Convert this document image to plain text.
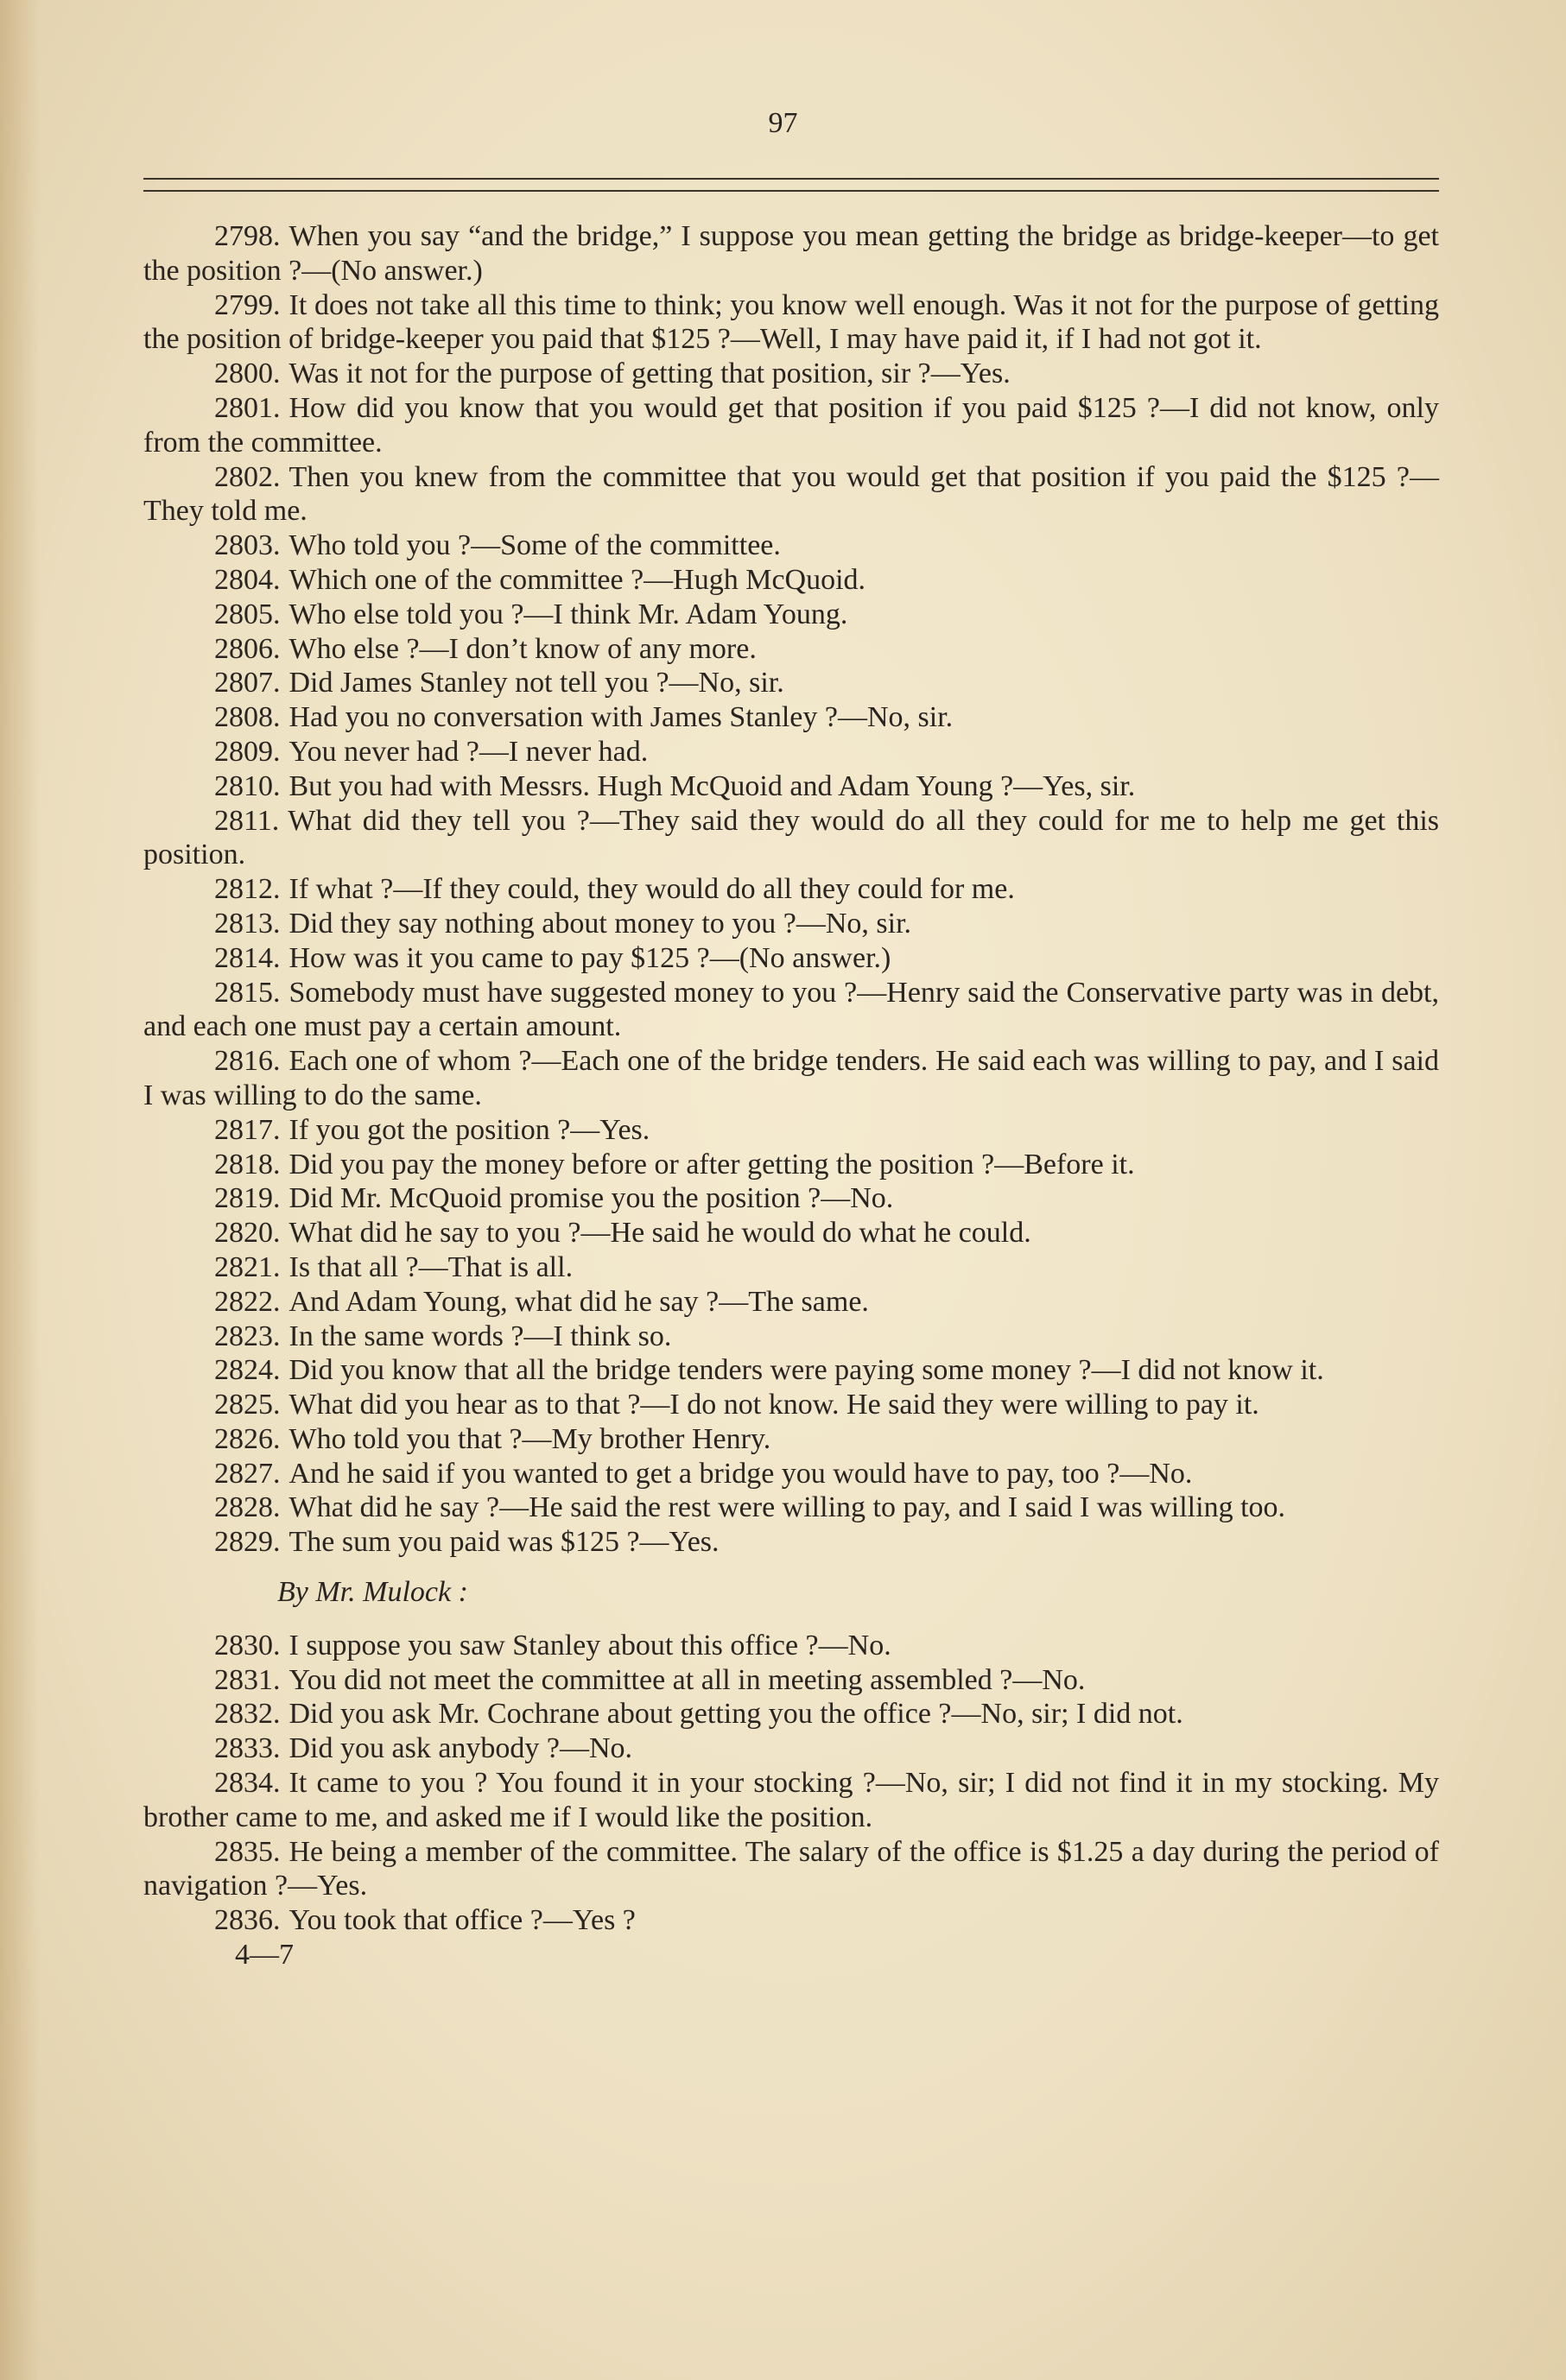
97

2798. When you say “and the bridge,” I suppose you mean getting the bridge as bridge-keeper—to get the position ?—(No answer.)

2799. It does not take all this time to think; you know well enough. Was it not for the purpose of getting the position of bridge-keeper you paid that $125 ?—Well, I may have paid it, if I had not got it.

2800. Was it not for the purpose of getting that position, sir ?—Yes.

2801. How did you know that you would get that position if you paid $125 ?—I did not know, only from the committee.

2802. Then you knew from the committee that you would get that position if you paid the $125 ?—They told me.

2803. Who told you ?—Some of the committee.

2804. Which one of the committee ?—Hugh McQuoid.

2805. Who else told you ?—I think Mr. Adam Young.

2806. Who else ?—I don’t know of any more.

2807. Did James Stanley not tell you ?—No, sir.

2808. Had you no conversation with James Stanley ?—No, sir.

2809. You never had ?—I never had.

2810. But you had with Messrs. Hugh McQuoid and Adam Young ?—Yes, sir.

2811. What did they tell you ?—They said they would do all they could for me to help me get this position.

2812. If what ?—If they could, they would do all they could for me.

2813. Did they say nothing about money to you ?—No, sir.

2814. How was it you came to pay $125 ?—(No answer.)

2815. Somebody must have suggested money to you ?—Henry said the Conservative party was in debt, and each one must pay a certain amount.

2816. Each one of whom ?—Each one of the bridge tenders. He said each was willing to pay, and I said I was willing to do the same.

2817. If you got the position ?—Yes.

2818. Did you pay the money before or after getting the position ?—Before it.

2819. Did Mr. McQuoid promise you the position ?—No.

2820. What did he say to you ?—He said he would do what he could.

2821. Is that all ?—That is all.

2822. And Adam Young, what did he say ?—The same.

2823. In the same words ?—I think so.

2824. Did you know that all the bridge tenders were paying some money ?—I did not know it.

2825. What did you hear as to that ?—I do not know. He said they were willing to pay it.

2826. Who told you that ?—My brother Henry.

2827. And he said if you wanted to get a bridge you would have to pay, too ?—No.

2828. What did he say ?—He said the rest were willing to pay, and I said I was willing too.

2829. The sum you paid was $125 ?—Yes.

By Mr. Mulock :

2830. I suppose you saw Stanley about this office ?—No.

2831. You did not meet the committee at all in meeting assembled ?—No.

2832. Did you ask Mr. Cochrane about getting you the office ?—No, sir; I did not.

2833. Did you ask anybody ?—No.

2834. It came to you ? You found it in your stocking ?—No, sir; I did not find it in my stocking. My brother came to me, and asked me if I would like the position.

2835. He being a member of the committee. The salary of the office is $1.25 a day during the period of navigation ?—Yes.

2836. You took that office ?—Yes ?

4—7
